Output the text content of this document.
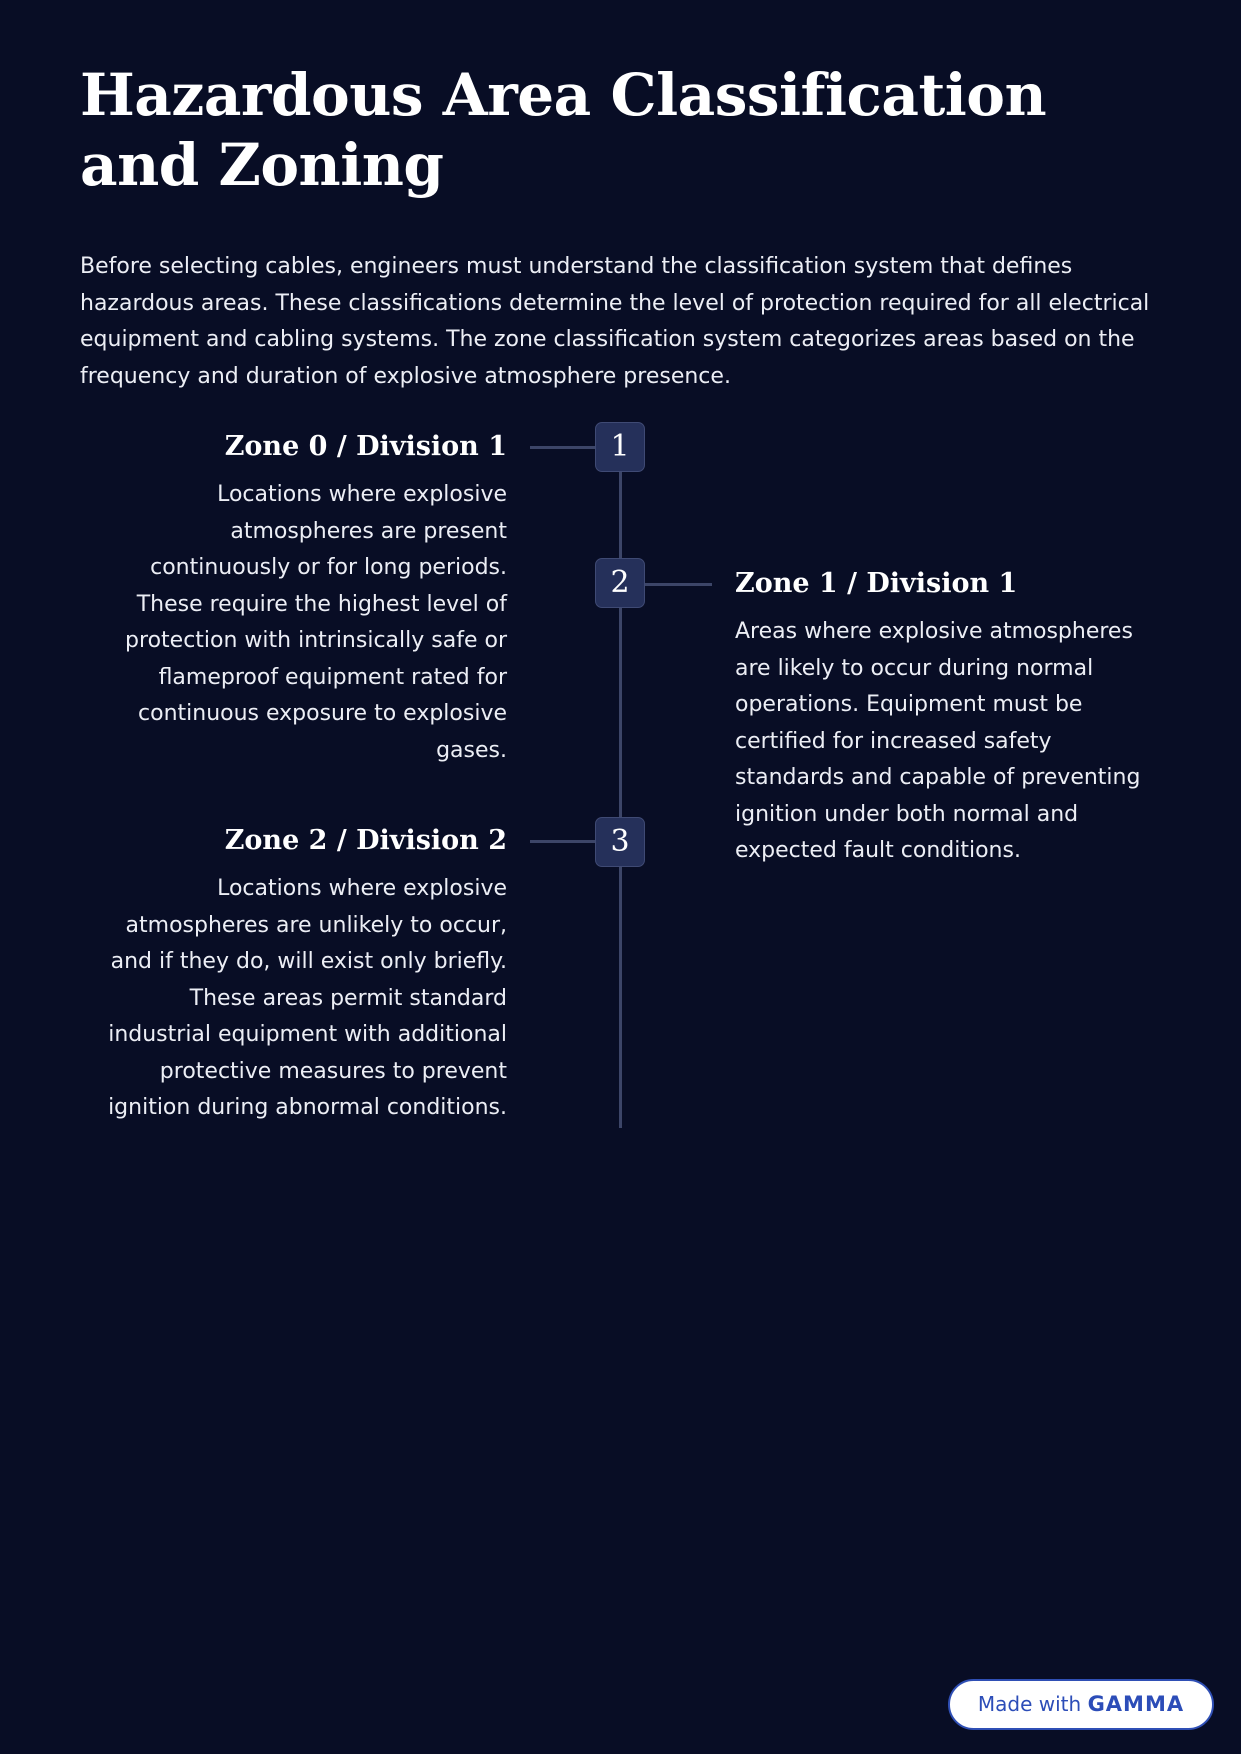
Hazardous Area Classification and Zoning

Before selecting cables, engineers must understand the classification system that defines hazardous areas. These classifications determine the level of protection required for all electrical equipment and cabling systems. The zone classification system categorizes areas based on the frequency and duration of explosive atmosphere presence.

1
Zone 0 / Division 1

Locations where explosive atmospheres are present continuously or for long periods. These require the highest level of protection with intrinsically safe or flameproof equipment rated for continuous exposure to explosive gases.

2	Zone 1 / Division 1

Areas where explosive atmospheres are likely to occur during normal operations. Equipment must be certified for increased safety standards and capable of preventing ignition under both normal and expected fault conditions.

3
Zone 2 / Division 2

Locations where explosive atmospheres are unlikely to occur, and if they do, will exist only briefly. These areas permit standard industrial equipment with additional protective measures to prevent ignition during abnormal conditions.

Made with GAMMA
